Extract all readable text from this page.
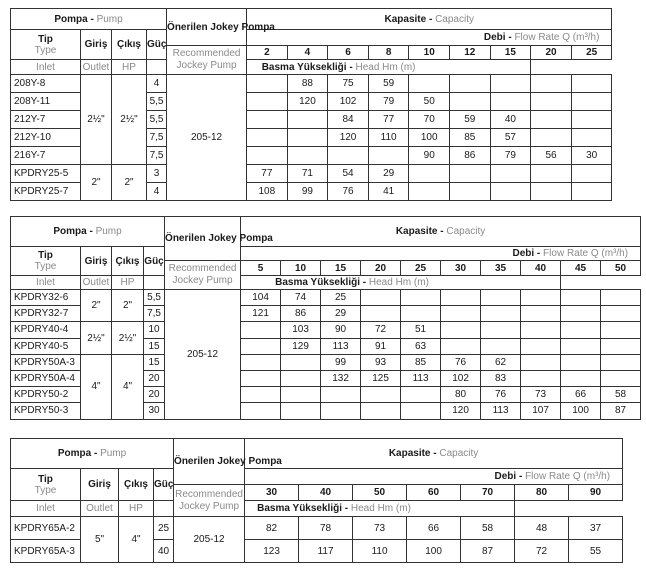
Pompa - Pump				Önerilen Jokey Pompa	Kapasite - Capacity								

Tip
Type	Giriş	Çıkış	Güç		Debi - Flow Rate Q (m³/h)								
				Recommended Jockey Pump	2	4	6	8	10	12	15	20	25
Inlet	Outlet	HP	Basma Yüksekliği - Head Hm (m)										
208Y-8	2½"	2½"	4	205-12		88	75	59					
208Y-11			5,5			120	102	79	50				
212Y-7			5,5				84	77	70	59	40		
212Y-10			7,5				120	110	100	85	57		
216Y-7			7,5						90	86	79	56	30
KPDRY25-5	2"	2"	3		77	71	54	29					
KPDRY25-7			4		108	99	76	41					
Pompa - Pump				Önerilen Jokey Pompa	Kapasite - Capacity									

Tip
Type	Giriş	Çıkış	Güç		Debi - Flow Rate Q (m³/h)									
				Recommended Jockey Pump	5	10	15	20	25	30	35	40	45	50
Inlet	Outlet	HP	Basma Yüksekliği - Head Hm (m)											
KPDRY32-6	2"	2"	5,5	205-12	104	74	25							
KPDRY32-7			7,5		121	86	29							
KPDRY40-4	2½"	2½"	10			103	90	72	51					
KPDRY40-5			15			129	113	91	63					
KPDRY50A-3	4"	4"	15				99	93	85	76	62			
KPDRY50A-4			20				132	125	113	102	83			
KPDRY50-2			20							80	76	73	66	58
KPDRY50-3			30							120	113	107	100	87
Pompa - Pump				Önerilen Jokey Pompa	Kapasite - Capacity						

Tip
Type	Giriş	Çıkış	Güç		Debi - Flow Rate Q (m³/h)						
				Recommended Jockey Pump	30	40	50	60	70	80	90
Inlet	Outlet	HP	Basma Yüksekliği - Head Hm (m)								
KPDRY65A-2	5"	4"	25	205-12	82	78	73	66	58	48	37
KPDRY65A-3			40		123	117	110	100	87	72	55
